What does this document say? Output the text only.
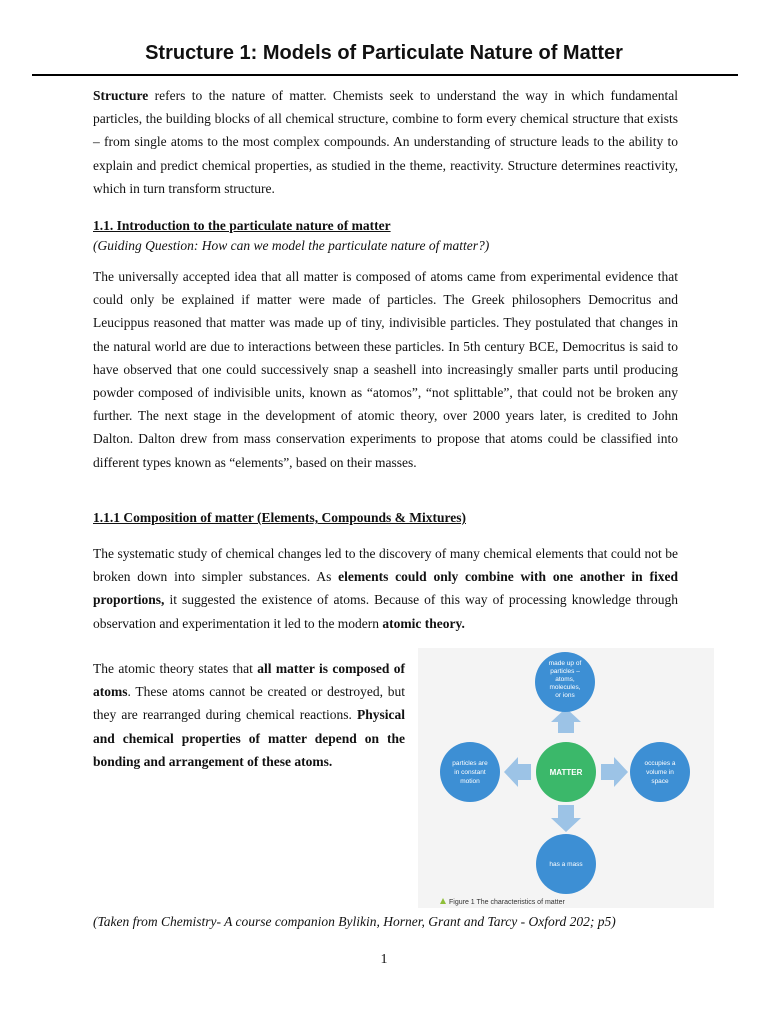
Structure 1: Models of Particulate Nature of Matter

Structure refers to the nature of matter. Chemists seek to understand the way in which fundamental particles, the building blocks of all chemical structure, combine to form every chemical structure that exists – from single atoms to the most complex compounds. An understanding of structure leads to the ability to explain and predict chemical properties, as studied in the theme, reactivity. Structure determines reactivity, which in turn transform structure.

1.1. Introduction to the particulate nature of matter

(Guiding Question: How can we model the particulate nature of matter?)

The universally accepted idea that all matter is composed of atoms came from experimental evidence that could only be explained if matter were made of particles. The Greek philosophers Democritus and Leucippus reasoned that matter was made up of tiny, indivisible particles. They postulated that changes in the natural world are due to interactions between these particles. In 5th century BCE, Democritus is said to have observed that one could successively snap a seashell into increasingly smaller parts until producing powder composed of indivisible units, known as “atomos”, “not splittable”, that could not be broken any further. The next stage in the development of atomic theory, over 2000 years later, is credited to John Dalton. Dalton drew from mass conservation experiments to propose that atoms could be classified into different types known as “elements”, based on their masses.

1.1.1 Composition of matter (Elements, Compounds & Mixtures)

The systematic study of chemical changes led to the discovery of many chemical elements that could not be broken down into simpler substances. As elements could only combine with one another in fixed proportions, it suggested the existence of atoms. Because of this way of processing knowledge through observation and experimentation it led to the modern atomic theory.

The atomic theory states that all matter is composed of atoms. These atoms cannot be created or destroyed, but they are rearranged during chemical reactions. Physical and chemical properties of matter depend on the bonding and arrangement of these atoms.

made up of
particles –
atoms,
molecules,
or ions
particles are
in constant
motion
occupies a
volume in
space
has a mass
MATTER
Figure 1 The characteristics of matter

(Taken from Chemistry- A course companion Bylikin, Horner, Grant and Tarcy - Oxford 202; p5)

1
